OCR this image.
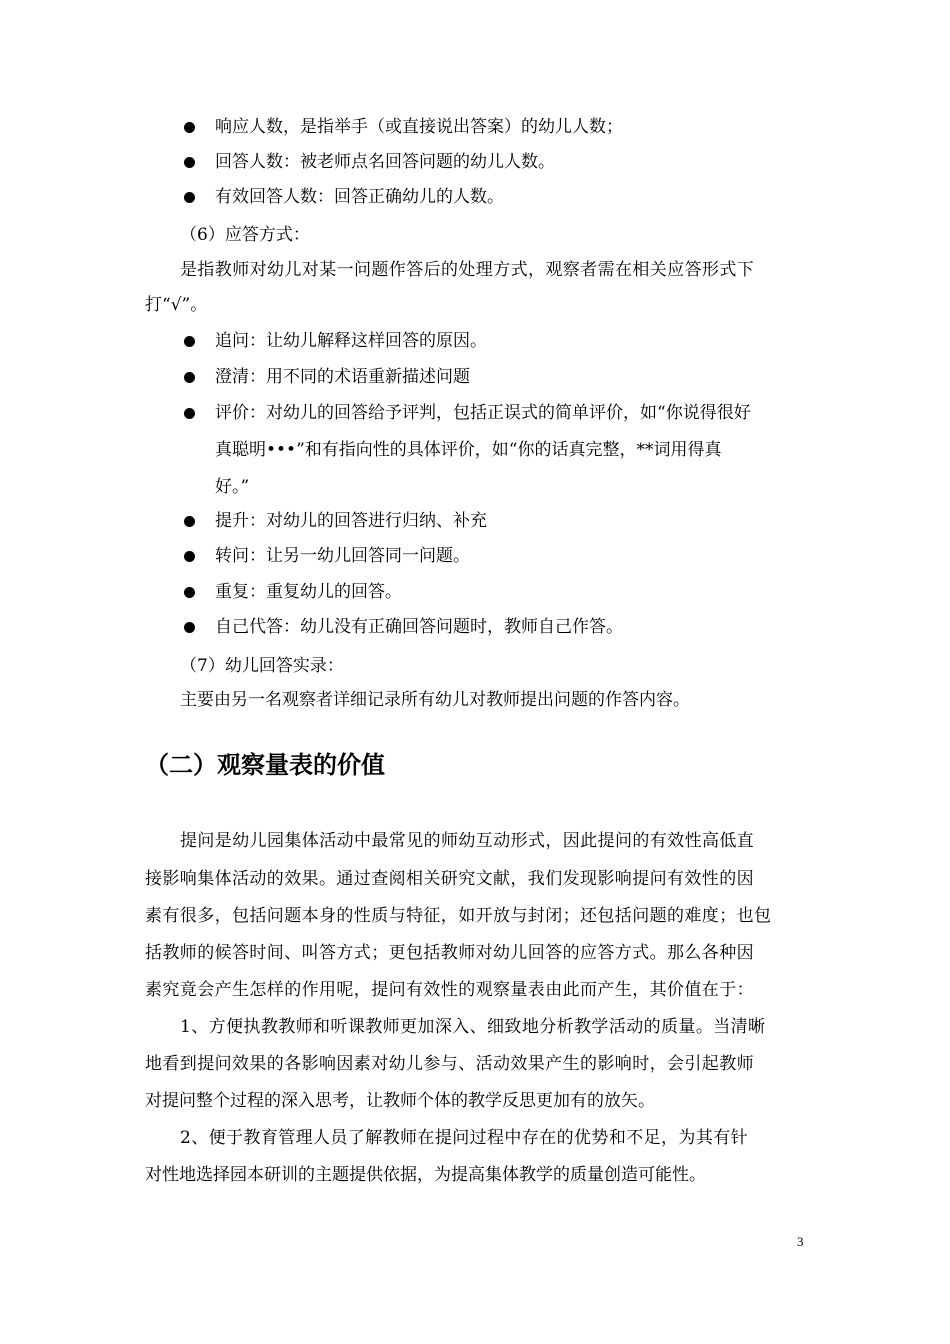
响应人数，是指举手（或直接说出答案）的幼儿人数；
回答人数：被老师点名回答问题的幼儿人数。
有效回答人数：回答正确幼儿的人数。
（6）应答方式：
是指教师对幼儿对某一问题作答后的处理方式，观察者需在相关应答形式下
打“√”。
追问：让幼儿解释这样回答的原因。
澄清：用不同的术语重新描述问题
评价：对幼儿的回答给予评判，包括正误式的简单评价，如“你说得很好
真聪明•••”和有指向性的具体评价，如“你的话真完整，**词用得真
好。”
提升：对幼儿的回答进行归纳、补充
转问：让另一幼儿回答同一问题。
重复：重复幼儿的回答。
自己代答：幼儿没有正确回答问题时，教师自己作答。
（7）幼儿回答实录：
主要由另一名观察者详细记录所有幼儿对教师提出问题的作答内容。
（二）观察量表的价值
提问是幼儿园集体活动中最常见的师幼互动形式，因此提问的有效性高低直
接影响集体活动的效果。通过查阅相关研究文献，我们发现影响提问有效性的因
素有很多，包括问题本身的性质与特征，如开放与封闭；还包括问题的难度；也包
括教师的候答时间、叫答方式；更包括教师对幼儿回答的应答方式。那么各种因
素究竟会产生怎样的作用呢，提问有效性的观察量表由此而产生，其价值在于：
1、方便执教教师和听课教师更加深入、细致地分析教学活动的质量。当清晰
地看到提问效果的各影响因素对幼儿参与、活动效果产生的影响时，会引起教师
对提问整个过程的深入思考，让教师个体的教学反思更加有的放矢。
2、便于教育管理人员了解教师在提问过程中存在的优势和不足，为其有针
对性地选择园本研训的主题提供依据，为提高集体教学的质量创造可能性。
3
